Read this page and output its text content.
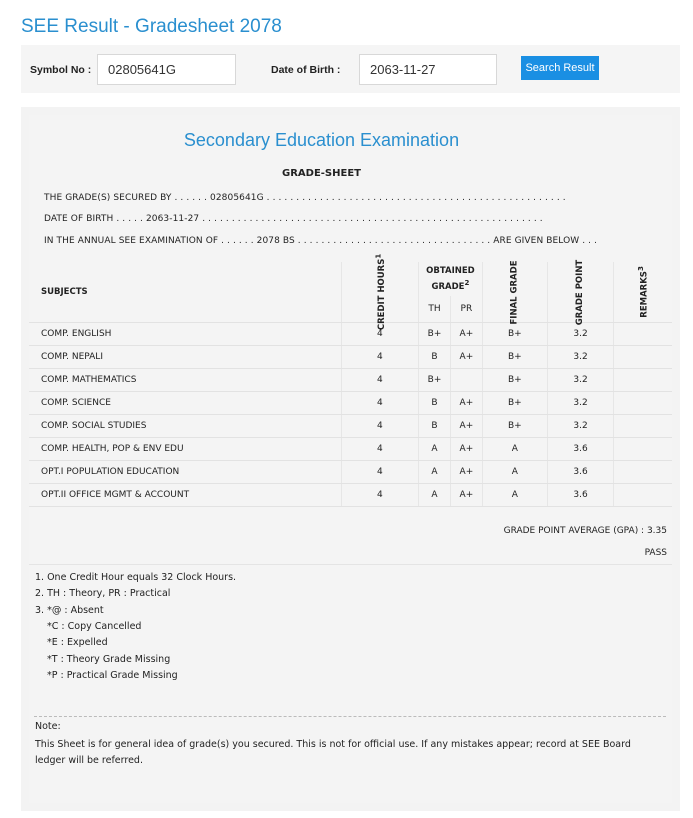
SEE Result - Gradesheet 2078
Symbol No :	02805641G	Date of Birth :	2063-11-27	Search Result
Secondary Education Examination
GRADE-SHEET
THE GRADE(S) SECURED BY . . . . . . 02805641G . . . . . . . . . . . . . . . . . . . . . . . . . . . . . . . . . . . . . . . . . . . . . . . . . . .
DATE OF BIRTH . . . . . 2063-11-27 . . . . . . . . . . . . . . . . . . . . . . . . . . . . . . . . . . . . . . . . . . . . . . . . . . . . . . . . . .
IN THE ANNUAL SEE EXAMINATION OF . . . . . . 2078 BS . . . . . . . . . . . . . . . . . . . . . . . . . . . . . . . . . ARE GIVEN BELOW . . .
SUBJECTS	CREDIT HOURS$^1$	OBTAINED GRADE$^2$		FINAL GRADE	GRADE POINT	REMARKS$^3$
		TH	PR			
COMP. ENGLISH	4	B+	A+	B+	3.2	
COMP. NEPALI	4	B	A+	B+	3.2	
COMP. MATHEMATICS	4	B+		B+	3.2	
COMP. SCIENCE	4	B	A+	B+	3.2	
COMP. SOCIAL STUDIES	4	B	A+	B+	3.2	
COMP. HEALTH, POP & ENV EDU	4	A	A+	A	3.6	
OPT.I POPULATION EDUCATION	4	A	A+	A	3.6	
OPT.II OFFICE MGMT & ACCOUNT	4	A	A+	A	3.6	
GRADE POINT AVERAGE (GPA) : 3.35
PASS
1. One Credit Hour equals 32 Clock Hours.
2. TH : Theory, PR : Practical
3. *@ : Absent
*C : Copy Cancelled
*E : Expelled
*T : Theory Grade Missing
*P : Practical Grade Missing
Note:
This Sheet is for general idea of grade(s) you secured. This is not for official use. If any mistakes appear; record at SEE Board ledger will be referred.
